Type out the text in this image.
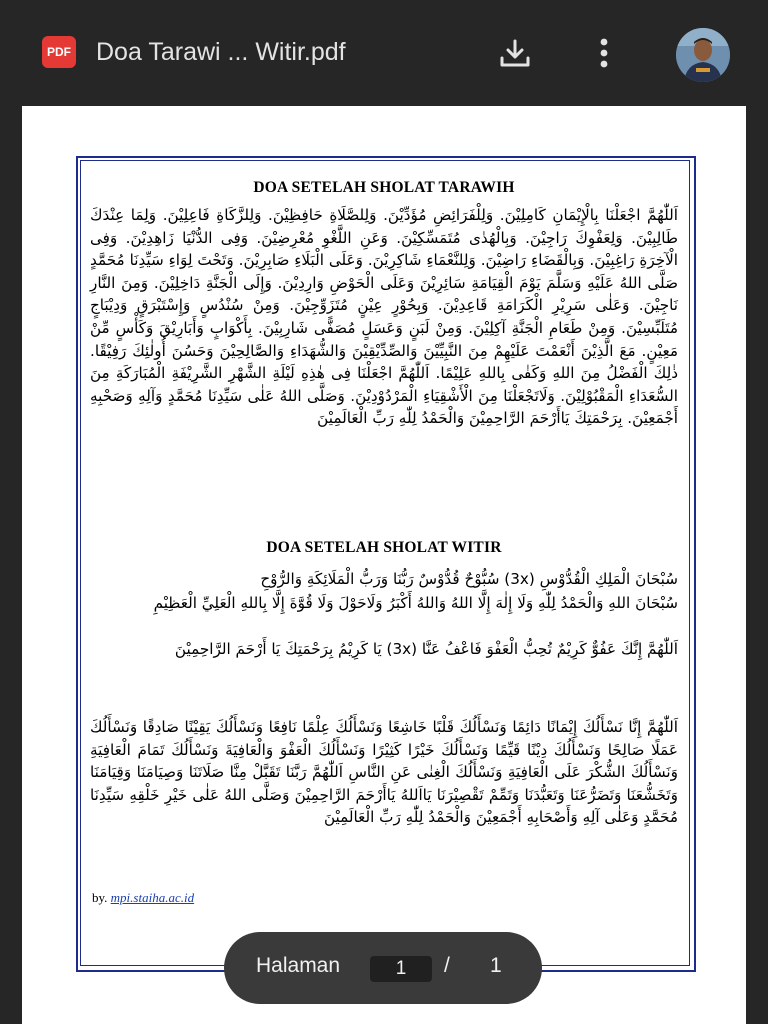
PDF Doa Tarawi ... Witir.pdf
DOA SETELAH SHOLAT TARAWIH
اَللّٰهُمَّ اجْعَلْنَا بِالْإِيْمَانِ كَامِلِيْنَ. وَلِلْفَرَائِضِ مُؤَدِّيْنَ. وَلِلصَّلَاةِ حَافِظِيْنَ. وَلِلزَّكَاةِ فَاعِلِيْنَ. وَلِمَا عِنْدَكَ طَالِبِيْنَ. وَلِعَفْوِكَ رَاجِيْنَ. وَبِالْهُدٰى مُتَمَسِّكِيْنَ. وَعَنِ اللَّغْوِ مُعْرِضِيْنَ. وَفِى الدُّنْيَا زَاهِدِيْنَ. وَفِى الْآخِرَةِ رَاغِبِيْنَ. وَبِالْقَضَاءِ رَاضِيْنَ. وَلِلنَّعْمَاءِ شَاكِرِيْنَ. وَعَلَى الْبَلَاءِ صَابِرِيْنَ. وَتَحْتَ لِوَاءِ سَيِّدِنَا مُحَمَّدٍ صَلَّى اللهُ عَلَيْهِ وَسَلَّمَ يَوْمَ الْقِيَامَةِ سَائِرِيْنَ وَعَلَى الْحَوْضِ وَارِدِيْنَ. وَإِلَى الْجَنَّةِ دَاخِلِيْنَ. وَمِنَ النَّارِ نَاجِيْنَ. وَعَلٰى سَرِيْرِ الْكَرَامَةِ قَاعِدِيْنَ. وَبِحُوْرٍ عِيْنٍ مُتَزَوِّجِيْنَ. وَمِنْ سُنْدُسٍ وَإِسْتَبْرَقٍ وَدِيْبَاجٍ مُتَلَبِّسِيْنَ. وَمِنْ طَعَامِ الْجَنَّةِ آكِلِيْنَ. وَمِنْ لَبَنٍ وَعَسَلٍ مُصَفًّى شَارِبِيْنَ. بِأَكْوَابٍ وَأَبَارِيْقَ وَكَأْسٍ مِّنْ مَعِيْنٍ. مَعَ الَّذِيْنَ أَنْعَمْتَ عَلَيْهِمْ مِنَ النَّبِيِّيْنَ وَالصِّدِّيْقِيْنَ وَالشُّهَدَاءِ وَالصَّالِحِيْنَ وَحَسُنَ أُولٰئِكَ رَفِيْقًا. ذٰلِكَ الْفَضْلُ مِنَ اللهِ وَكَفٰى بِاللهِ عَلِيْمًا. اَللّٰهُمَّ اجْعَلْنَا فِى هٰذِهِ لَيْلَةِ الشَّهْرِ الشَّرِيْفَةِ الْمُبَارَكَةِ مِنَ السُّعَدَاءِ الْمَقْبُوْلِيْنَ. وَلَاتَجْعَلْنَا مِنَ الْأَشْقِيَاءِ الْمَرْدُوْدِيْنَ. وَصَلَّى اللهُ عَلٰى سَيِّدِنَا مُحَمَّدٍ وَآلِهِ وَصَحْبِهِ أَجْمَعِيْنَ. بِرَحْمَتِكَ يَاأَرْحَمَ الرَّاحِمِيْنَ وَالْحَمْدُ لِلّٰهِ رَبِّ الْعَالَمِيْنَ
DOA SETELAH SHOLAT WITIR
سُبْحَانَ الْمَلِكِ الْقُدُّوْسِ (3x) سُبُّوْحٌ قُدُّوْسٌ رَبُّنَا وَرَبُّ الْمَلَائِكَةِ وَالرُّوْحِ
سُبْحَانَ اللهِ وَالْحَمْدُ لِلّٰهِ وَلَا إِلٰهَ إِلَّا اللهُ وَاللهُ أَكْبَرُ وَلَاحَوْلَ وَلَا قُوَّةَ إِلَّا بِاللهِ الْعَلِيِّ الْعَظِيْمِ
اَللّٰهُمَّ إِنَّكَ عَفُوٌّ كَرِيْمٌ تُحِبُّ الْعَفْوَ فَاعْفُ عَنَّا (3x) يَا كَرِيْمُ بِرَحْمَتِكَ يَا أَرْحَمَ الرَّاحِمِيْنَ
اَللّٰهُمَّ إِنَّا نَسْأَلُكَ إِيْمَانًا دَائِمًا وَنَسْأَلُكَ قَلْبًا خَاشِعًا وَنَسْأَلُكَ عِلْمًا نَافِعًا وَنَسْأَلُكَ يَقِيْنًا صَادِقًا وَنَسْأَلُكَ عَمَلًا صَالِحًا وَنَسْأَلُكَ دِيْنًا قَيِّمًا وَنَسْأَلُكَ خَيْرًا كَثِيْرًا وَنَسْأَلُكَ الْعَفْوَ وَالْعَافِيَةَ وَنَسْأَلُكَ تَمَامَ الْعَافِيَةِ وَنَسْأَلُكَ الشُّكْرَ عَلَى الْعَافِيَةِ وَنَسْأَلُكَ الْغِنٰى عَنِ النَّاسِ اَللّٰهُمَّ رَبَّنَا تَقَبَّلْ مِنَّا صَلَاتَنَا وَصِيَامَنَا وَقِيَامَنَا وَتَخَشُّعَنَا وَتَضَرُّعَنَا وَتَعَبُّدَنَا وَتَمِّمْ تَقْصِيْرَنَا يَااَللهُ يَاأَرْحَمَ الرَّاحِمِيْنَ وَصَلَّى اللهُ عَلٰى خَيْرِ خَلْقِهِ سَيِّدِنَا مُحَمَّدٍ وَعَلٰى آلِهِ وَأَصْحَابِهِ أَجْمَعِيْنَ وَالْحَمْدُ لِلّٰهِ رَبِّ الْعَالَمِيْنَ
by. mpi.staiha.ac.id
Halaman	1	/ 1
